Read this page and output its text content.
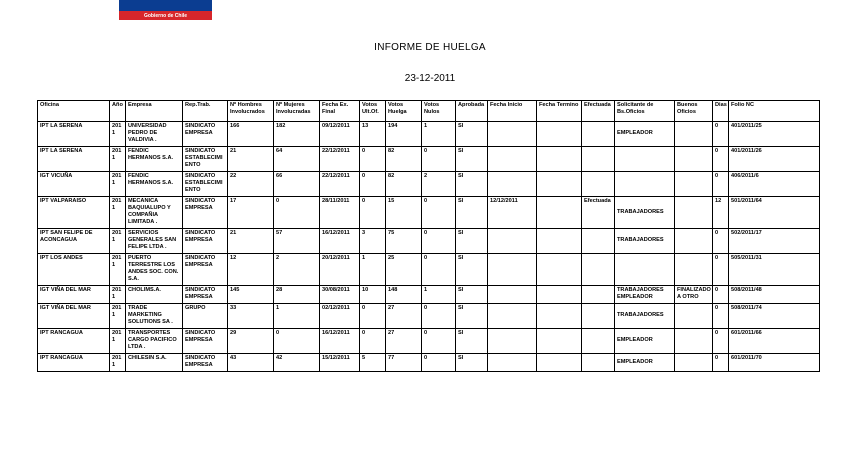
Gobierno de Chile
INFORME DE HUELGA
23-12-2011
Oficina	Año	Empresa	Rep.Trab.	Nº Hombres Involucrados	Nº Mujeres Involucradas	Fecha Ex. Final	Votos Ult.Of.	Votos Huelga	Votos Nulos	Aprobada	Fecha Inicio	Fecha Termino	Efectuada	Solicitante de Bs.Oficios	Buenos Oficios	Dias	Folio NC
IPT LA SERENA	2011	UNIVERSIDAD PEDRO DE VALDIVIA .	SINDICATO EMPRESA	166	182	09/12/2011	13	194	1	SI				EMPLEADOR		0	401/2011/25
IPT LA SERENA	2011	FENDIC HERMANOS S.A.	SINDICATO ESTABLECIMIENTO	21	64	22/12/2011	0	82	0	SI						0	401/2011/26
IGT VICUÑA	2011	FENDIC HERMANOS S.A.	SINDICATO ESTABLECIMIENTO	22	66	22/12/2011	0	82	2	SI						0	406/2011/6
IPT VALPARAISO	2011	MECANICA BAQUIALUPO Y COMPAÑIA LIMITADA .	SINDICATO EMPRESA	17	0	28/11/2011	0	15	0	SI	12/12/2011		Efectuada	TRABAJADORES		12	501/2011/64
IPT SAN FELIPE DE ACONCAGUA	2011	SERVICIOS GENERALES SAN FELIPE LTDA .	SINDICATO EMPRESA	21	57	16/12/2011	3	75	0	SI				TRABAJADORES		0	502/2011/17
IPT LOS ANDES	2011	PUERTO TERRESTRE LOS ANDES SOC. CON. S.A.	SINDICATO EMPRESA	12	2	20/12/2011	1	25	0	SI						0	505/2011/31
IGT VIÑA DEL MAR	2011	CHOLIMS.A.	SINDICATO EMPRESA	145	28	30/08/2011	10	148	1	SI				TRABAJADORES EMPLEADOR	FINALIZADO A OTRO	0	508/2011/48
IGT VIÑA DEL MAR	2011	TRADE MARKETING SOLUTIONS SA .	GRUPO	33	1	02/12/2011	0	27	0	SI				TRABAJADORES		0	508/2011/74
IPT RANCAGUA	2011	TRANSPORTES CARGO PACIFICO LTDA .	SINDICATO EMPRESA	29	0	16/12/2011	0	27	0	SI				EMPLEADOR		0	601/2011/66
IPT RANCAGUA	2011	CHILESIN S.A.	SINDICATO EMPRESA	43	42	15/12/2011	5	77	0	SI				EMPLEADOR		0	601/2011/70
